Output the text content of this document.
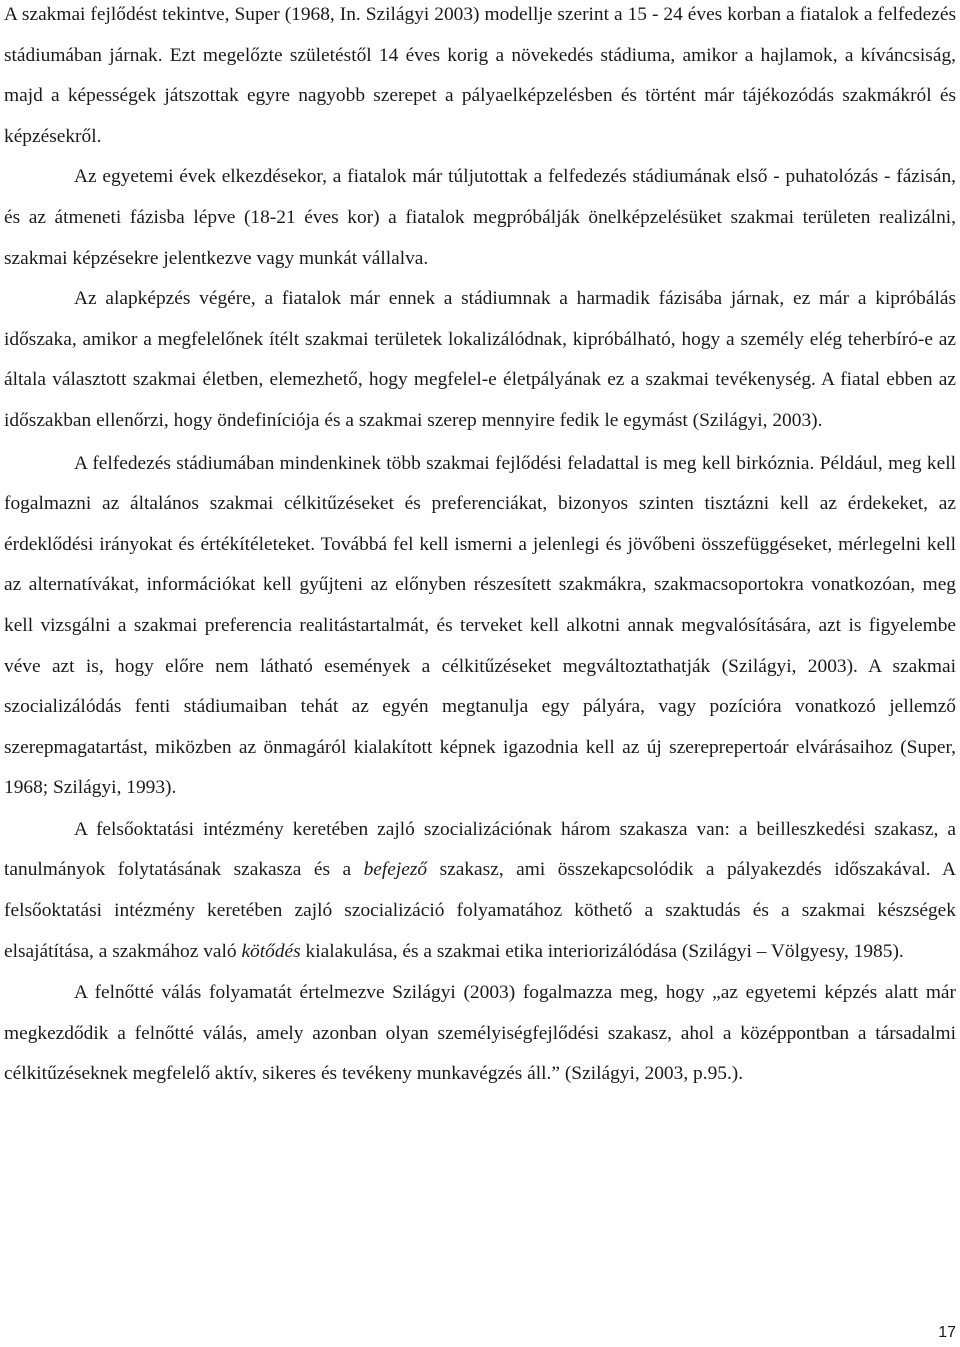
A szakmai fejlődést tekintve, Super (1968, In. Szilágyi 2003) modellje szerint a 15 - 24 éves korban a fiatalok a felfedezés stádiumában járnak. Ezt megelőzte születéstől 14 éves korig a növekedés stádiuma, amikor a hajlamok, a kíváncsiság, majd a képességek játszottak egyre nagyobb szerepet a pályaelképzelésben és történt már tájékozódás szakmákról és képzésekről.

Az egyetemi évek elkezdésekor, a fiatalok már túljutottak a felfedezés stádiumának első - puhatolózás - fázisán, és az átmeneti fázisba lépve (18-21 éves kor) a fiatalok megpróbálják önelképzelésüket szakmai területen realizálni, szakmai képzésekre jelentkezve vagy munkát vállalva.

Az alapképzés végére, a fiatalok már ennek a stádiumnak a harmadik fázisába járnak, ez már a kipróbálás időszaka, amikor a megfelelőnek ítélt szakmai területek lokalizálódnak, kipróbálható, hogy a személy elég teherbíró-e az általa választott szakmai életben, elemezhető, hogy megfelel-e életpályának ez a szakmai tevékenység. A fiatal ebben az időszakban ellenőrzi, hogy öndefiníciója és a szakmai szerep mennyire fedik le egymást (Szilágyi, 2003).

A felfedezés stádiumában mindenkinek több szakmai fejlődési feladattal is meg kell birkóznia. Például, meg kell fogalmazni az általános szakmai célkitűzéseket és preferenciákat, bizonyos szinten tisztázni kell az érdekeket, az érdeklődési irányokat és értékítéleteket. Továbbá fel kell ismerni a jelenlegi és jövőbeni összefüggéseket, mérlegelni kell az alternatívákat, információkat kell gyűjteni az előnyben részesített szakmákra, szakmacsoportokra vonatkozóan, meg kell vizsgálni a szakmai preferencia realitástartalmát, és terveket kell alkotni annak megvalósítására, azt is figyelembe véve azt is, hogy előre nem látható események a célkitűzéseket megváltoztathatják (Szilágyi, 2003). A szakmai szocializálódás fenti stádiumaiban tehát az egyén megtanulja egy pályára, vagy pozícióra vonatkozó jellemző szerepmagatartást, miközben az önmagáról kialakított képnek igazodnia kell az új szereprepertoár elvárásaihoz (Super, 1968; Szilágyi, 1993).

A felsőoktatási intézmény keretében zajló szocializációnak három szakasza van: a beilleszkedési szakasz, a tanulmányok folytatásának szakasza és a befejező szakasz, ami összekapcsolódik a pályakezdés időszakával. A felsőoktatási intézmény keretében zajló szocializáció folyamatához köthető a szaktudás és a szakmai készségek elsajátítása, a szakmához való kötődés kialakulása, és a szakmai etika interiorizálódása (Szilágyi – Völgyesy, 1985).

A felnőtté válás folyamatát értelmezve Szilágyi (2003) fogalmazza meg, hogy „az egyetemi képzés alatt már megkezdődik a felnőtté válás, amely azonban olyan személyiségfejlődési szakasz, ahol a középpontban a társadalmi célkitűzéseknek megfelelő aktív, sikeres és tevékeny munkavégzés áll.” (Szilágyi, 2003, p.95.).

17
